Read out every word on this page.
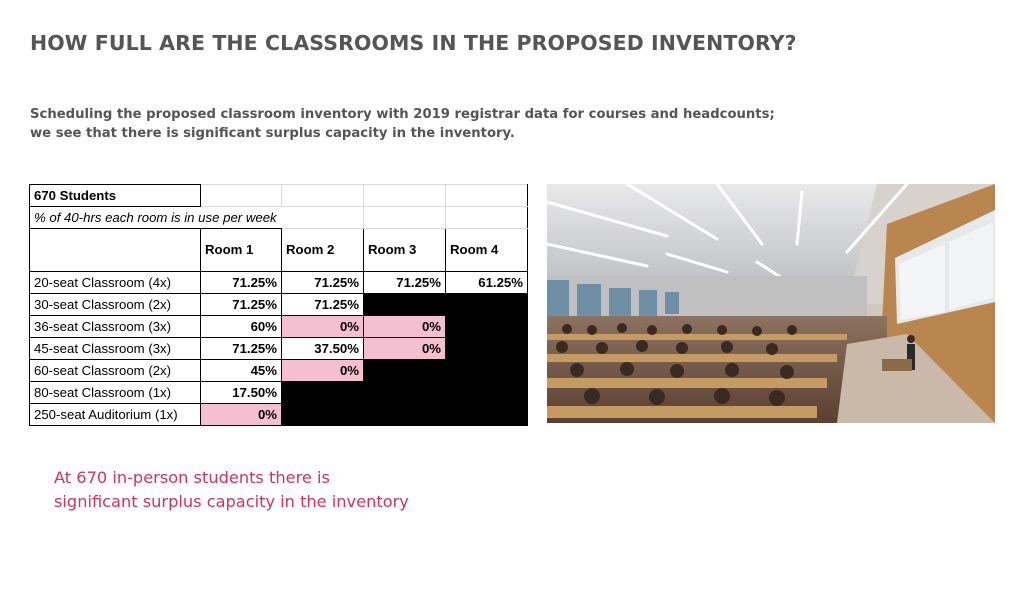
HOW FULL ARE THE CLASSROOMS IN THE PROPOSED INVENTORY?
Scheduling the proposed classroom inventory with 2019 registrar data for courses and headcounts;
we see that there is significant surplus capacity in the inventory.
670 Students				
% of 40-hrs each room is in use per week				
	Room 1	Room 2	Room 3	Room 4
20-seat Classroom (4x)	71.25%	71.25%	71.25%	61.25%
30-seat Classroom (2x)	71.25%	71.25%		
36-seat Classroom (3x)	60%	0%	0%	
45-seat Classroom (3x)	71.25%	37.50%	0%	
60-seat Classroom (2x)	45%	0%		
80-seat Classroom (1x)	17.50%			
250-seat Auditorium (1x)	0%			
At 670 in-person students there is
significant surplus capacity in the inventory
